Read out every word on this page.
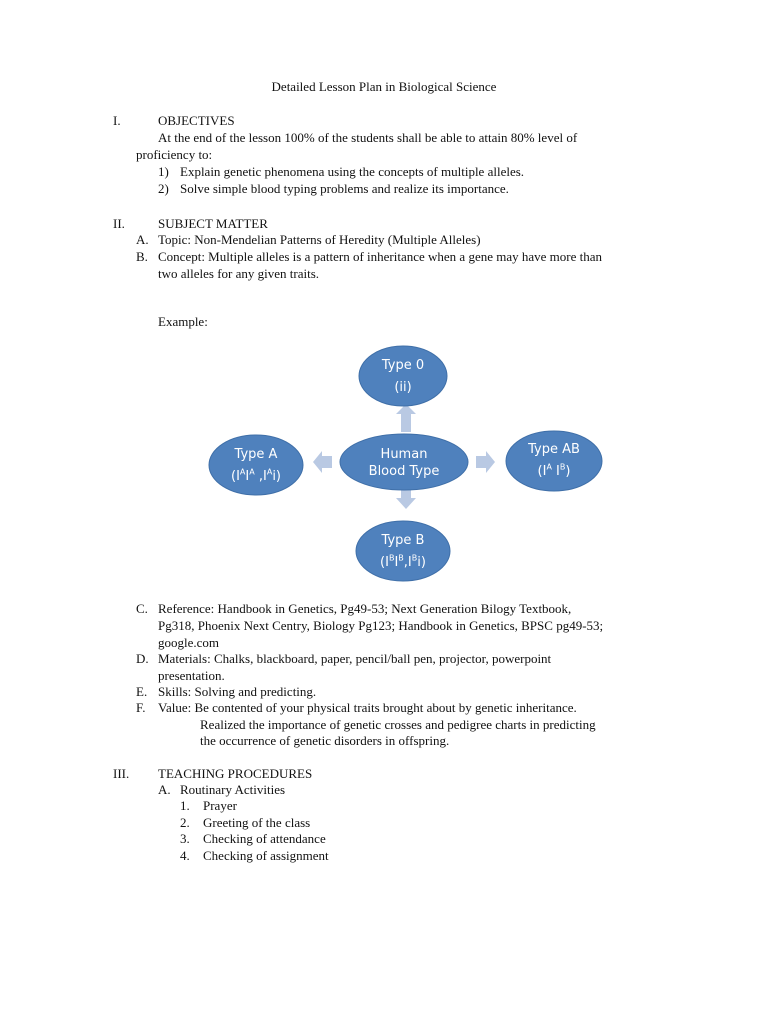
Detailed Lesson Plan in Biological Science
I.	OBJECTIVES
At the end of the lesson 100% of the students shall be able to attain 80% level of
proficiency to:
1) Explain genetic phenomena using the concepts of multiple alleles.
2) Solve simple blood typing problems and realize its importance.
II.	SUBJECT MATTER
A. Topic: Non-Mendelian Patterns of Heredity (Multiple Alleles)
B. Concept: Multiple alleles is a pattern of inheritance when a gene may have more than
two alleles for any given traits.
Example:
Human
Blood Type
Type 0
(ii)
Type AB
($I^A$ $I^B$)
Type A
($I^AI^A$ $,I^Ai$)
Type B
$(I^BI^B,I^Bi)$
C. Reference: Handbook in Genetics, Pg49-53; Next Generation Bilogy Textbook,
Pg318, Phoenix Next Centry, Biology Pg123; Handbook in Genetics, BPSC pg49-53;
google.com
D. Materials: Chalks, blackboard, paper, pencil/ball pen, projector, powerpoint
presentation.
E. Skills: Solving and predicting.
F. Value: Be contented of your physical traits brought about by genetic inheritance.
Realized the importance of genetic crosses and pedigree charts in predicting
the occurrence of genetic disorders in offspring.
III. TEACHING PROCEDURES
A. Routinary Activities
1. Prayer
2. Greeting of the class
3. Checking of attendance
4. Checking of assignment
